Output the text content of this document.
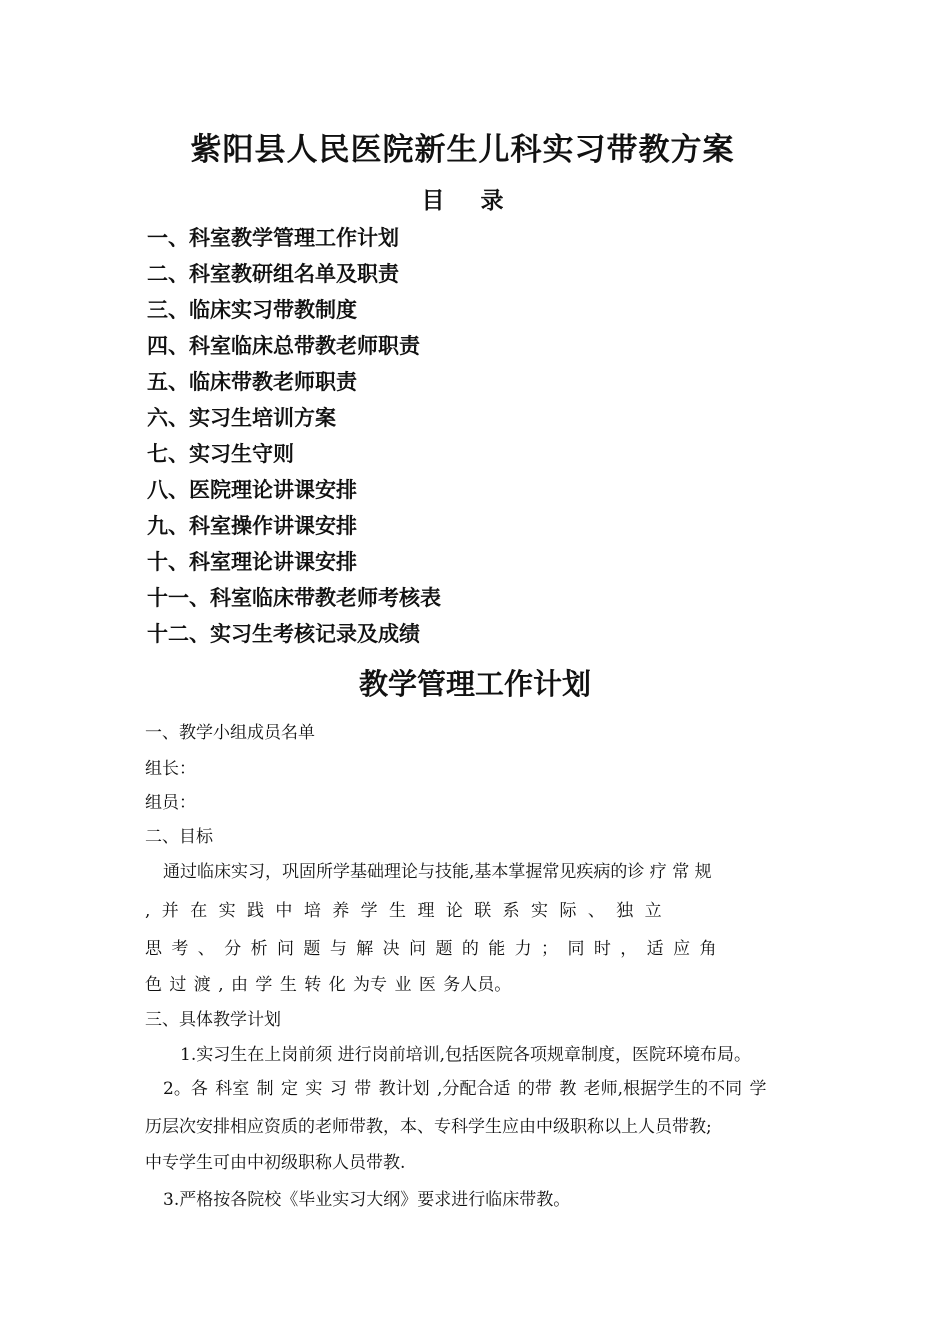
紫阳县人民医院新生儿科实习带教方案
目 录
一、科室教学管理工作计划
二、科室教研组名单及职责
三、临床实习带教制度
四、科室临床总带教老师职责
五、临床带教老师职责
六、实习生培训方案
七、实习生守则
八、医院理论讲课安排
九、科室操作讲课安排
十、科室理论讲课安排
十一、科室临床带教老师考核表
十二、实习生考核记录及成绩
教学管理工作计划
一、教学小组成员名单
组长：
组员：
二、目标
通过临床实习，巩固所学基础理论与技能,基本掌握常见疾病的诊 疗 常 规
, 并 在 实 践 中 培 养 学 生 理 论 联 系 实 际 、 独 立
思 考 、 分 析 问 题 与 解 决 问 题 的 能 力 ； 同 时 ， 适 应 角
色 过 渡 , 由 学 生 转 化 为专 业 医 务人员。
三、具体教学计划
1.实习生在上岗前须 进行岗前培训,包括医院各项规章制度，医院环境布局。
2。各 科室 制 定 实 习 带 教计划 ,分配合适 的带 教 老师,根据学生的不同 学
历层次安排相应资质的老师带教，本、专科学生应由中级职称以上人员带教;
中专学生可由中初级职称人员带教.
3.严格按各院校《毕业实习大纲》要求进行临床带教。
